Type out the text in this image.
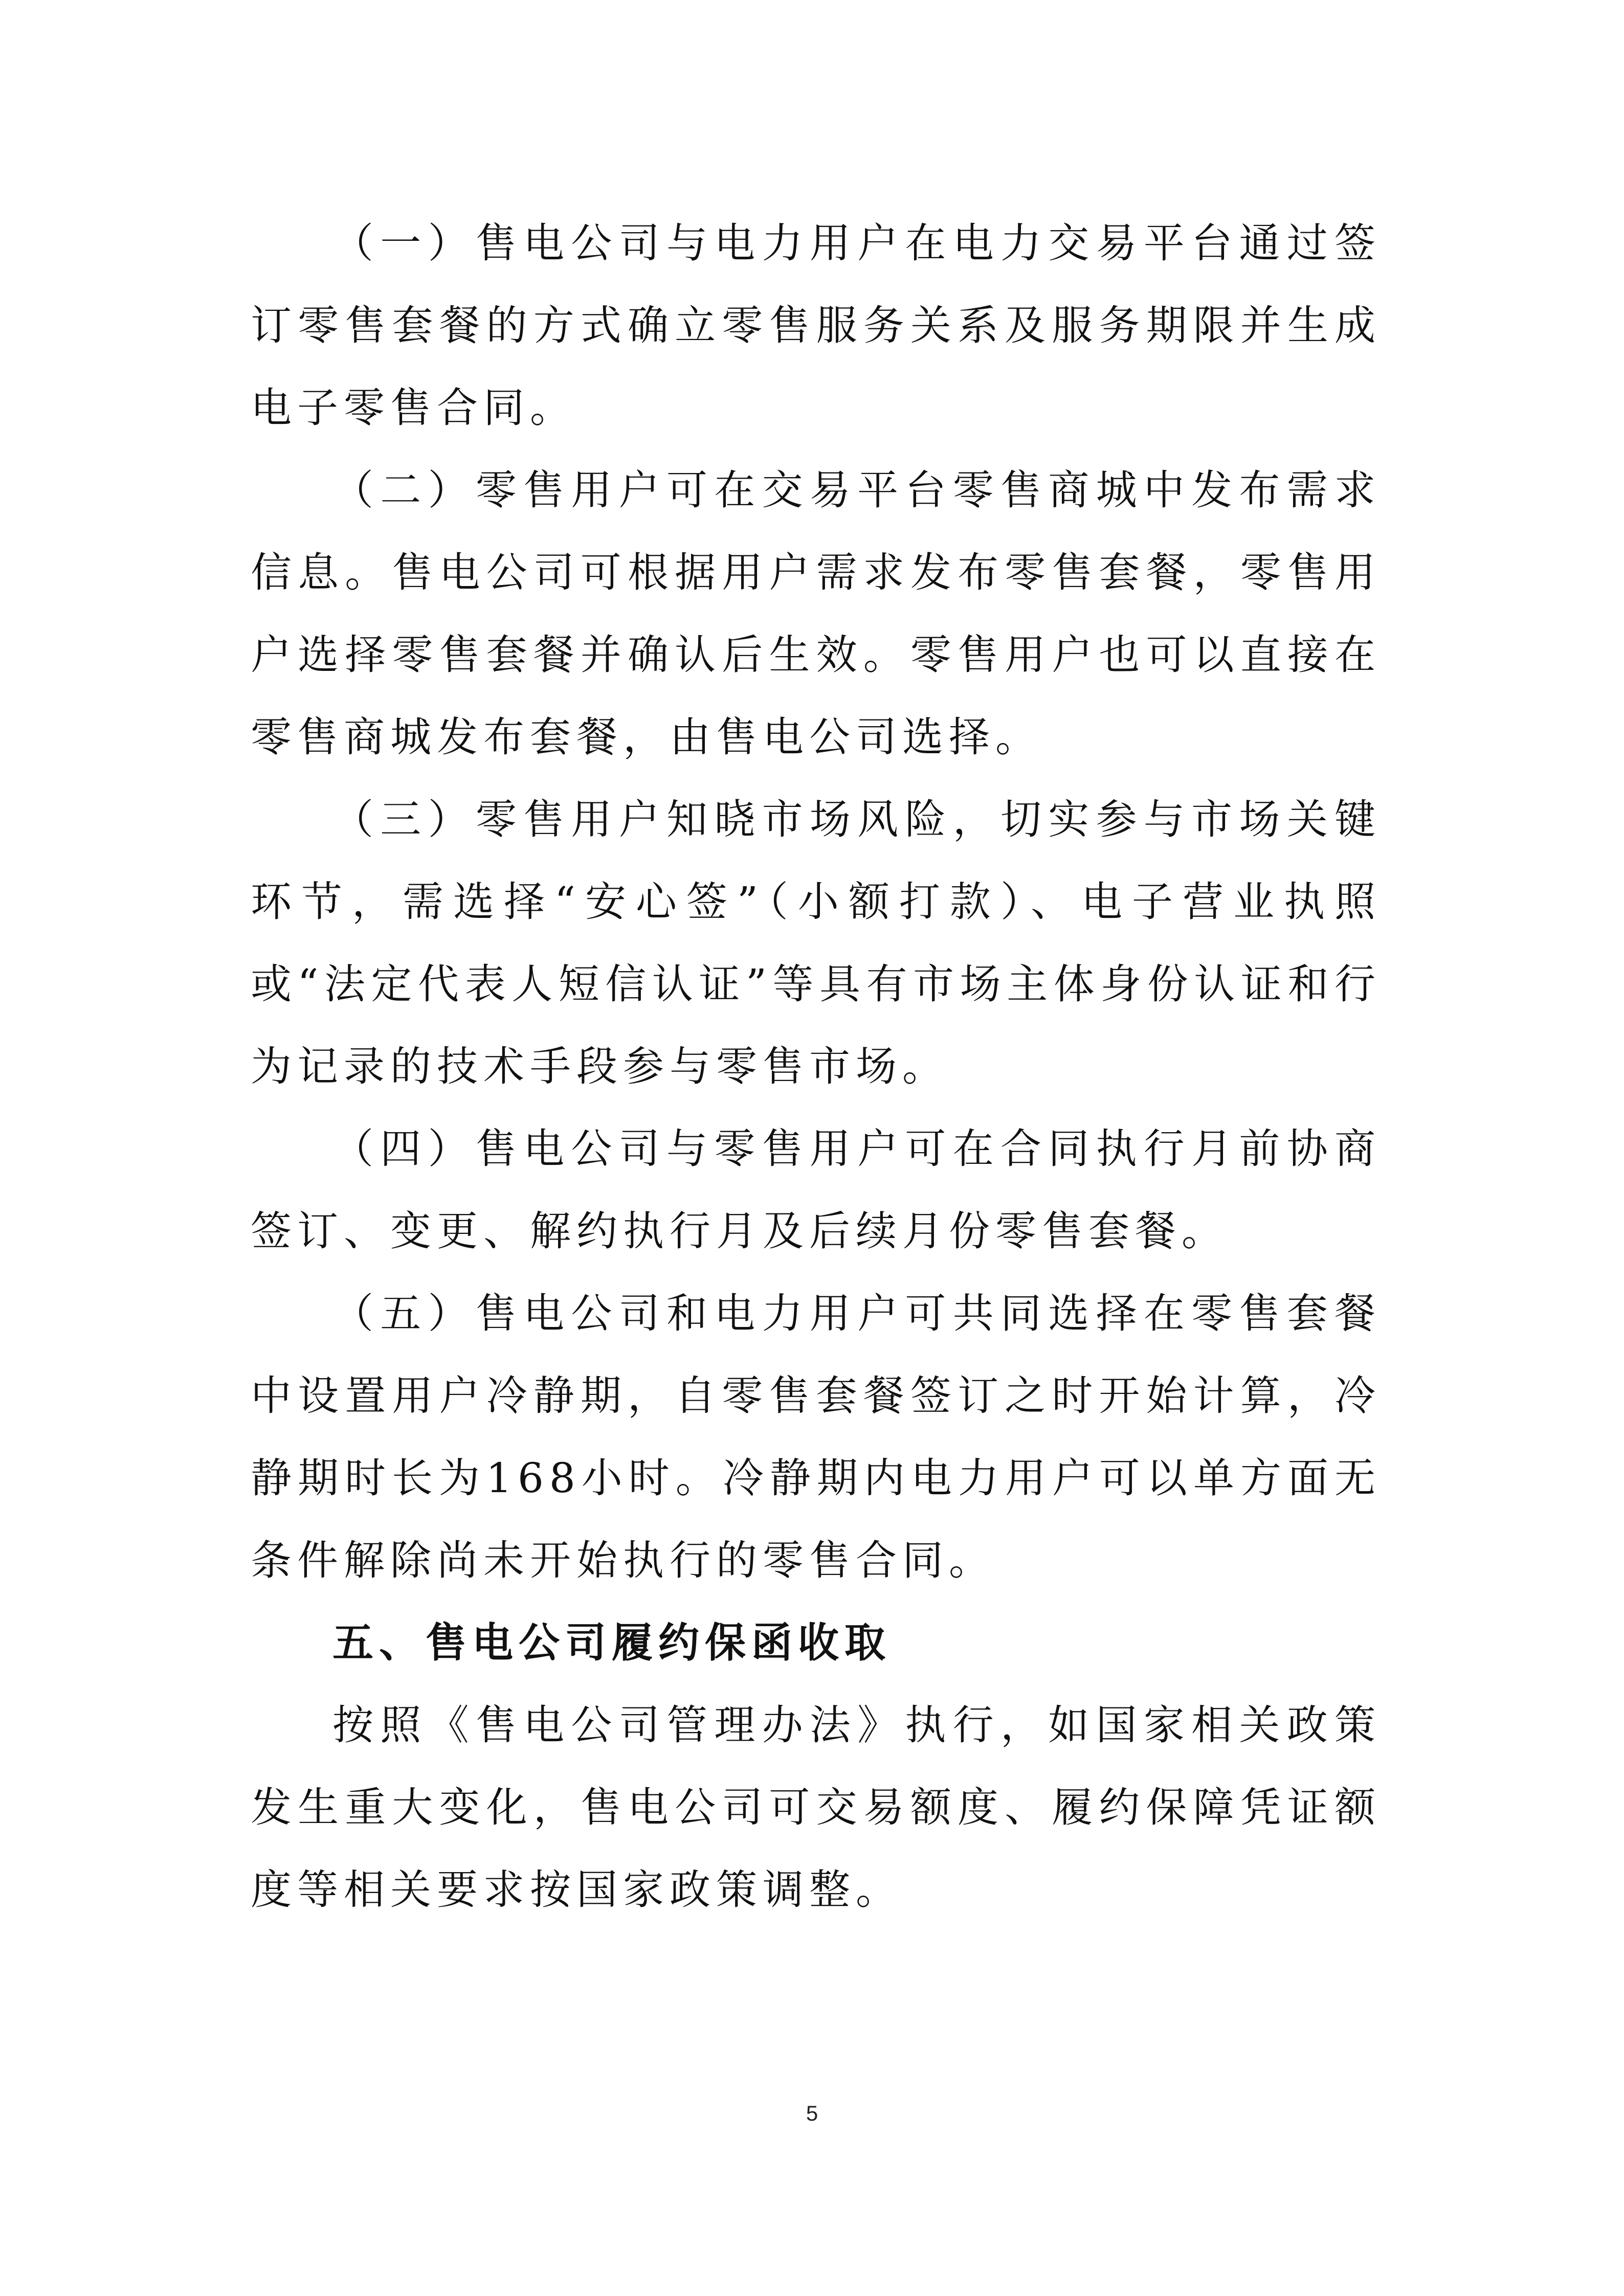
（一）售电公司与电力用户在电力交易平台通过签订零售套餐的方式确立零售服务关系及服务期限并生成电子零售合同。

（二）零售用户可在交易平台零售商城中发布需求信息。售电公司可根据用户需求发布零售套餐，零售用户选择零售套餐并确认后生效。零售用户也可以直接在零售商城发布套餐，由售电公司选择。

（三）零售用户知晓市场风险，切实参与市场关键环节，需选择“安心签”（小额打款）、电子营业执照或“法定代表人短信认证”等具有市场主体身份认证和行为记录的技术手段参与零售市场。

（四）售电公司与零售用户可在合同执行月前协商签订、变更、解约执行月及后续月份零售套餐。

（五）售电公司和电力用户可共同选择在零售套餐中设置用户冷静期，自零售套餐签订之时开始计算，冷静期时长为168小时。冷静期内电力用户可以单方面无条件解除尚未开始执行的零售合同。

五、售电公司履约保函收取

按照《售电公司管理办法》执行，如国家相关政策发生重大变化，售电公司可交易额度、履约保障凭证额度等相关要求按国家政策调整。

5
